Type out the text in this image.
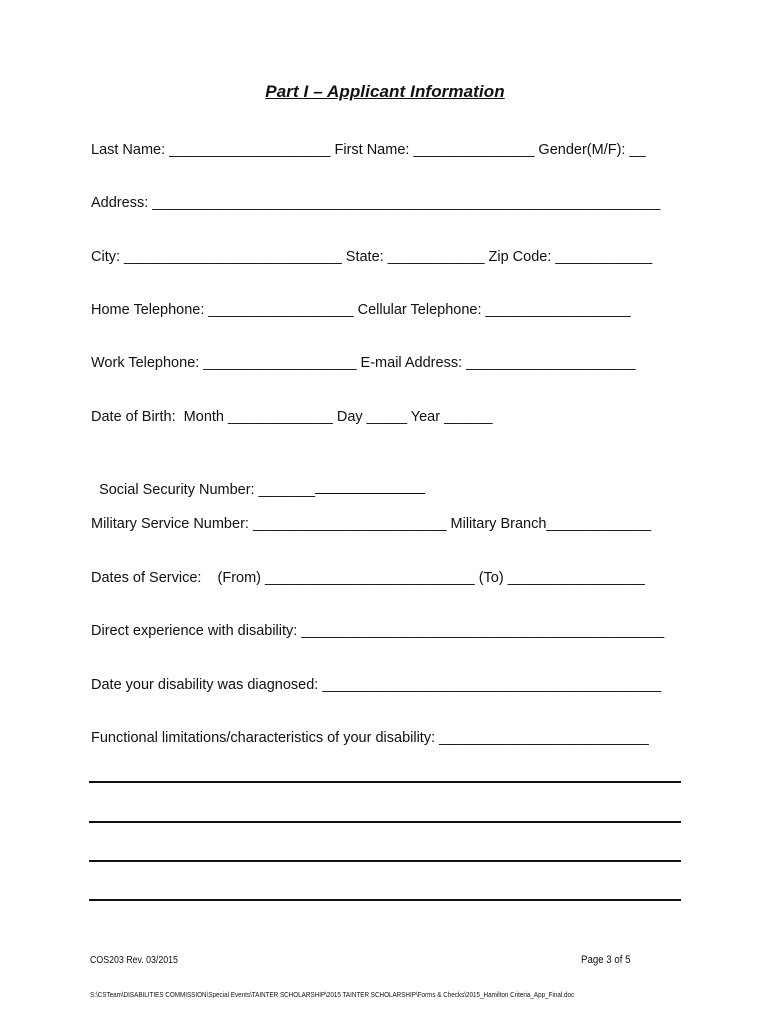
Part I – Applicant Information
Last Name: ____________________ First Name: _______________ Gender(M/F): __
Address: _______________________________________________________________
City: ___________________________ State: ____________ Zip Code: ____________
Home Telephone: __________________ Cellular Telephone: __________________
Work Telephone: ___________________ E-mail Address: _____________________
Date of Birth:  Month _____________ Day _____ Year ______

Social Security Number: _______

Military Service Number: ________________________ Military Branch_____________
Dates of Service:    (From) __________________________ (To) _________________
Direct experience with disability: _____________________________________________
Date your disability was diagnosed: __________________________________________
Functional limitations/characteristics of your disability: __________________________
COS203 Rev. 03/2015	Page 3 of 5
S:\CSTeam\DISABILITIES COMMISSION\Special Events\TAINTER SCHOLARSHIP\2015 TAINTER SCHOLARSHIP\Forms & Checks\2015_Hamilton Criteria_App_Final.doc
